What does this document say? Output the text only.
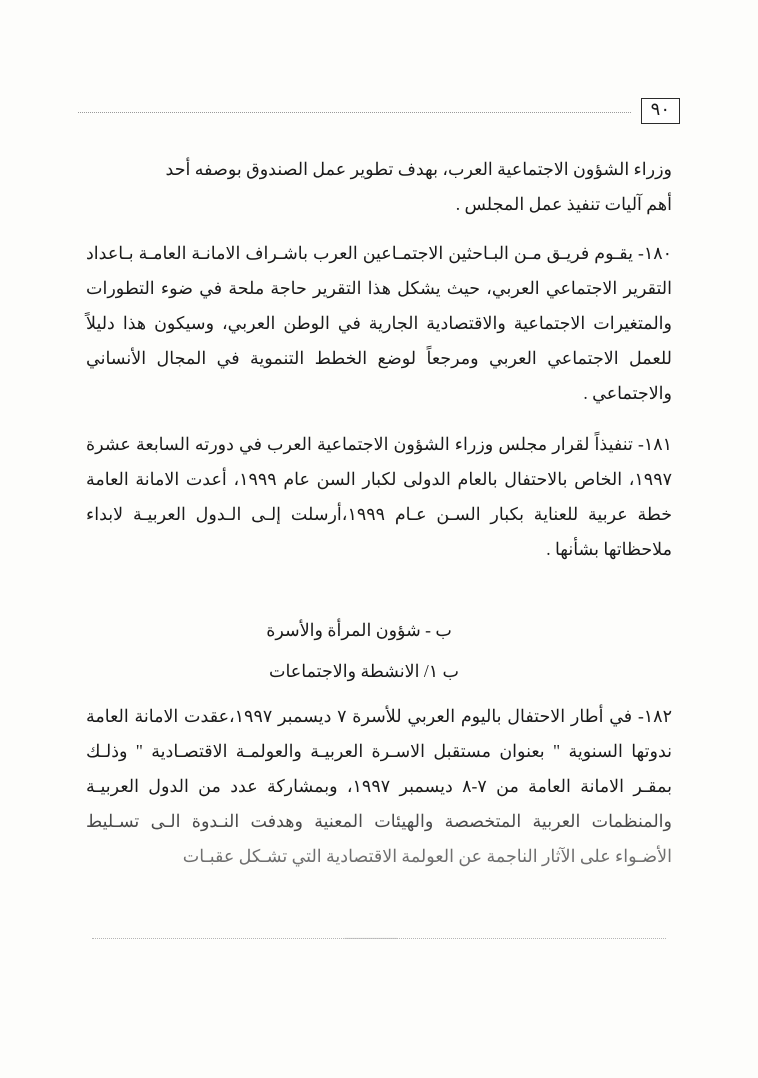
٩٠

وزراء الشؤون الاجتماعية العرب، بهدف تطوير عمل الصندوق بوصفه أحد
أهم آليات تنفيذ عمل المجلس .

١٨٠- يقـوم فريـق مـن البـاحثين الاجتمـاعين العرب باشـراف الامانـة العامـة بـاعداد التقرير الاجتماعي العربي، حيث يشكل هذا التقرير حاجة ملحة في ضوء التطورات والمتغيرات الاجتماعية والاقتصادية الجارية في الوطن العربي، وسيكون هذا دليلاً للعمل الاجتماعي العربي ومرجعاً لوضع الخطط التنموية في المجال الأنساني والاجتماعي .

١٨١- تنفيذاً لقرار مجلس وزراء الشؤون الاجتماعية العرب في دورته السابعة عشرة ١٩٩٧، الخاص بالاحتفال بالعام الدولى لكبار السن عام ١٩٩٩، أعدت الامانة العامة خطة عربية للعناية بكبار السـن عـام ١٩٩٩،أرسلت إلـى الـدول العربيـة لابداء ملاحظاتها بشأنها .

ب - شؤون المرأة والأسرة

ب ١/ الانشطة والاجتماعات

١٨٢- في أطار الاحتفال باليوم العربي للأسرة ٧ ديسمبر ١٩٩٧،عقدت الامانة العامة ندوتها السنوية " بعنوان مستقبل الاسـرة العربيـة والعولمـة الاقتصـادية " وذلـك بمقـر الامانة العامة من ٧-٨ ديسمبر ١٩٩٧، وبمشاركة عدد من الدول العربيـة والمنظمات العربية المتخصصة والهيئات المعنية وهدفت النـدوة الـى تسـليط الأضـواء على الآثار الناجمة عن العولمة الاقتصادية التي تشـكل عقبـات

ـــــــــــــــ
